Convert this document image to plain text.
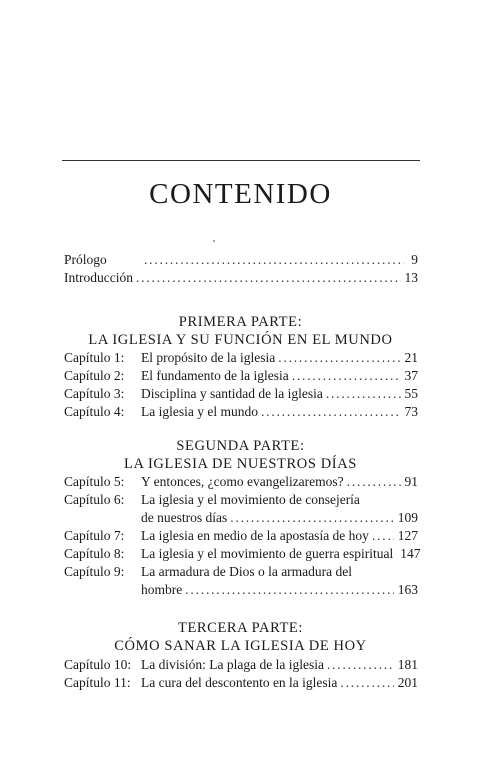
CONTENIDO
Prólogo .....	9
Introducción .....	13
PRIMERA PARTE:
LA IGLESIA Y SU FUNCIÓN EN EL MUNDO
Capítulo 1:	El propósito de la iglesia .....	21
Capítulo 2:	El fundamento de la iglesia .....	37
Capítulo 3:	Disciplina y santidad de la iglesia .....	55
Capítulo 4:	La iglesia y el mundo .....	73
SEGUNDA PARTE:
LA IGLESIA DE NUESTROS DÍAS
Capítulo 5:	Y entonces, ¿como evangelizaremos? .....	91
Capítulo 6:	La iglesia y el movimiento de consejería
de nuestros días .....	109
Capítulo 7:	La iglesia en medio de la apostasía de hoy ..... 127
Capítulo 8:	La iglesia y el movimiento de guerra espiritual 147
Capítulo 9:	La armadura de Dios o la armadura del
hombre .....	163
TERCERA PARTE:
CÓMO SANAR LA IGLESIA DE HOY
Capítulo 10: La división: La plaga de la iglesia .....	181
Capítulo 11: La cura del descontento en la iglesia .....	201
